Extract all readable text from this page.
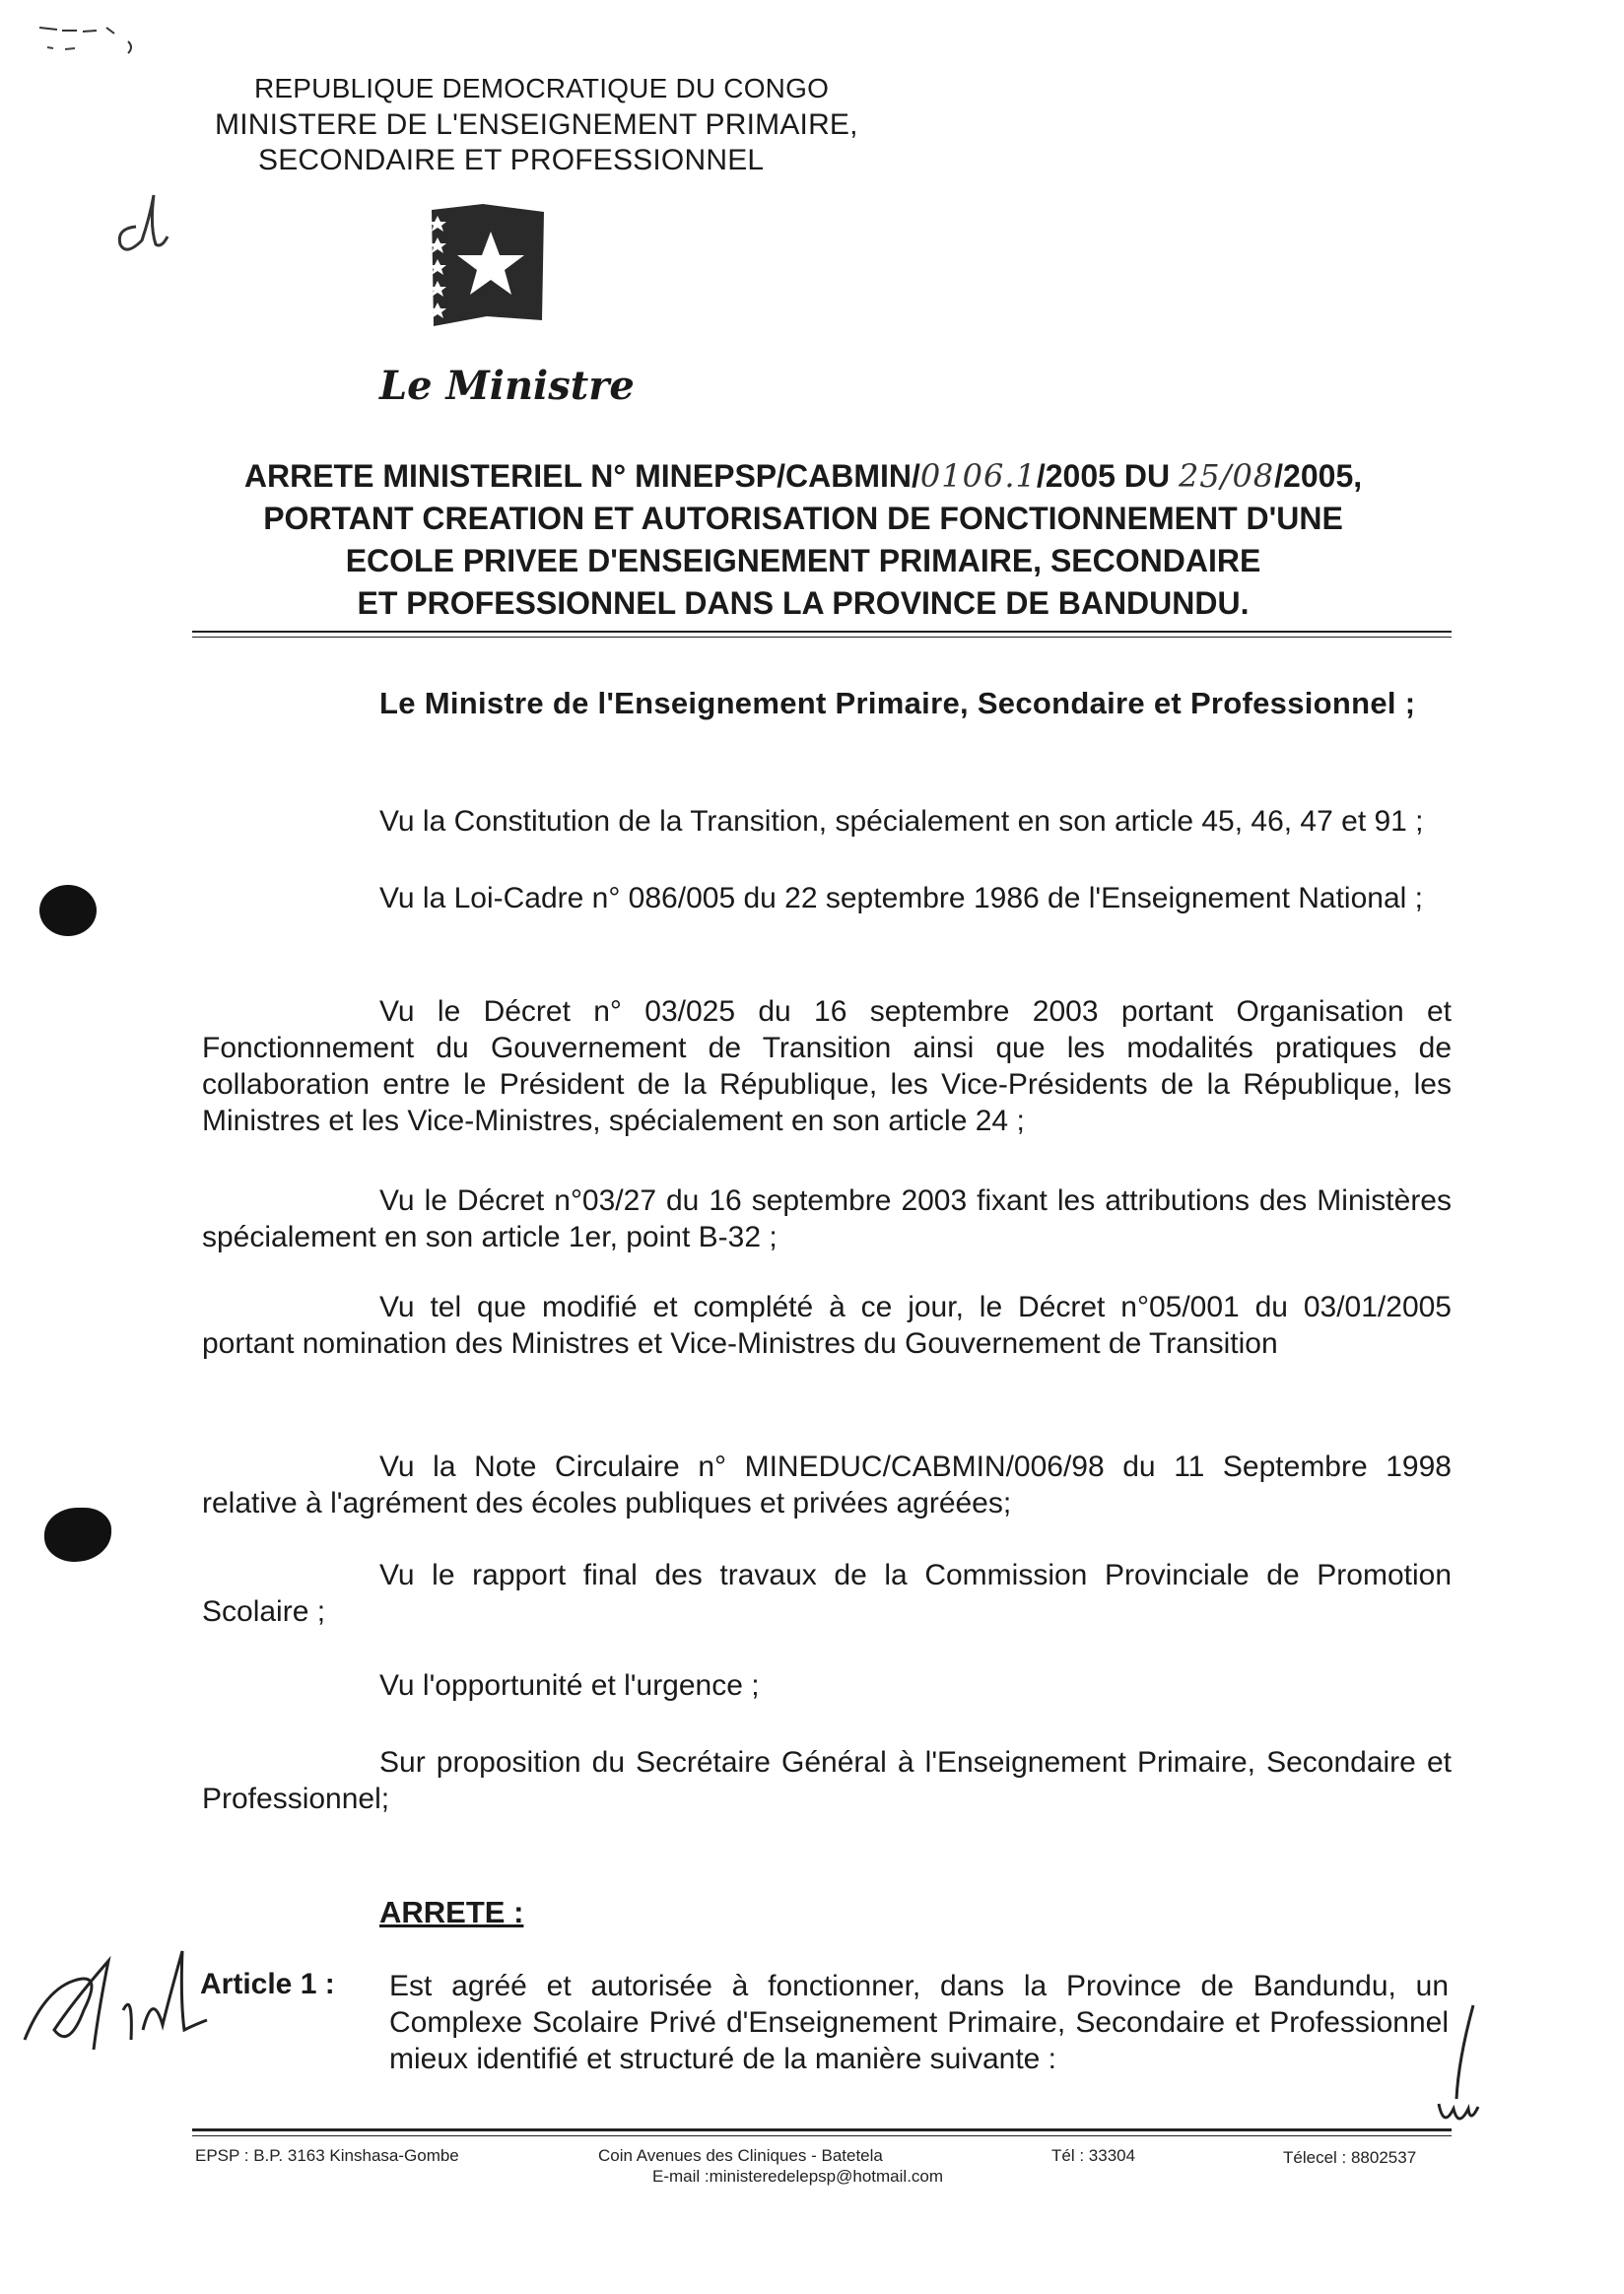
REPUBLIQUE DEMOCRATIQUE DU CONGO
MINISTERE DE L'ENSEIGNEMENT PRIMAIRE,
SECONDAIRE ET PROFESSIONNEL
Le Ministre
ARRETE MINISTERIEL N° MINEPSP/CABMIN/0106.1/2005 DU 25/08/2005,
PORTANT CREATION ET AUTORISATION DE FONCTIONNEMENT D'UNE
ECOLE PRIVEE D'ENSEIGNEMENT PRIMAIRE, SECONDAIRE
ET PROFESSIONNEL DANS LA PROVINCE DE BANDUNDU.
Le Ministre de l'Enseignement Primaire, Secondaire et Professionnel ;
Vu la Constitution de la Transition, spécialement en son article 45, 46, 47 et 91 ;
Vu la Loi-Cadre n° 086/005 du 22 septembre 1986 de l'Enseignement National ;
Vu le Décret n° 03/025 du 16 septembre 2003 portant Organisation et Fonctionnement du Gouvernement de Transition ainsi que les modalités pratiques de collaboration entre le Président de la République, les Vice-Présidents de la République, les Ministres et les Vice-Ministres, spécialement en son article 24 ;
Vu le Décret n°03/27 du 16 septembre 2003 fixant les attributions des Ministères spécialement en son article 1er, point B-32 ;
Vu tel que modifié et complété à ce jour, le Décret n°05/001 du 03/01/2005 portant nomination des Ministres et Vice-Ministres du Gouvernement de Transition
Vu la Note Circulaire n° MINEDUC/CABMIN/006/98 du 11 Septembre 1998 relative à l'agrément des écoles publiques et privées agréées;
Vu le rapport final des travaux de la Commission Provinciale de Promotion Scolaire ;
Vu l'opportunité et l'urgence ;
Sur proposition du Secrétaire Général à l'Enseignement Primaire, Secondaire et Professionnel;
ARRETE :
Article 1 : Est agréé et autorisée à fonctionner, dans la Province de Bandundu, un Complexe Scolaire Privé d'Enseignement Primaire, Secondaire et Professionnel mieux identifié et structuré de la manière suivante :
EPSP : B.P. 3163 Kinshasa-Gombe	Coin Avenues des Cliniques - Batetela	Tél : 33304	Télecel : 8802537
E-mail :ministeredelepsp@hotmail.com
